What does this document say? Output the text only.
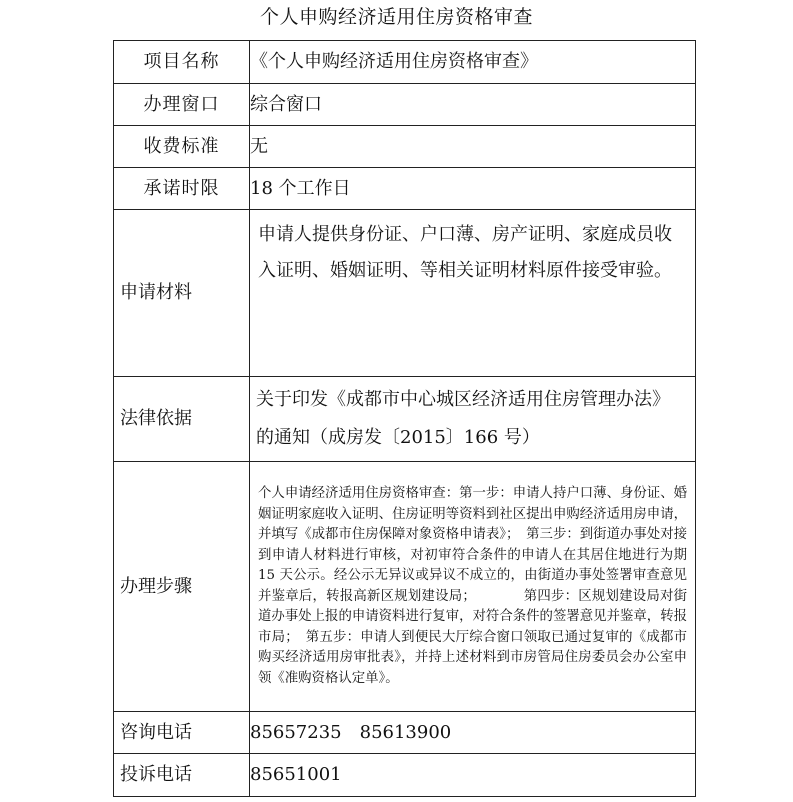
个人申购经济适用住房资格审查
项目名称	《个人申购经济适用住房资格审查》
办理窗口	综合窗口
收费标准	无
承诺时限	18 个工作日
申请材料	申请人提供身份证、户口薄、房产证明、家庭成员收入证明、婚姻证明、等相关证明材料原件接受审验。

法律依据	关于印发《成都市中心城区经济适用住房管理办法》的通知（成房发〔2015〕166 号）

办理步骤	个人申请经济适用住房资格审查：第一步：申请人持户口薄、身份证、婚姻证明家庭收入证明、住房证明等资料到社区提出申购经济适用房申请，并填写《成都市住房保障对象资格申请表》；　第三步：到街道办事处对接到申请人材料进行审核，对初审符合条件的申请人在其居住地进行为期 15 天公示。经公示无异议或异议不成立的，由街道办事处签署审查意见并鉴章后，转报高新区规划建设局；　　　　第四步：区规划建设局对街道办事处上报的申请资料进行复审，对符合条件的签署意见并鉴章，转报市局；　第五步：申请人到便民大厅综合窗口领取已通过复审的《成都市购买经济适用房审批表》，并持上述材料到市房管局住房委员会办公室申领《准购资格认定单》。

咨询电话	85657235　85613900
投诉电话	85651001
